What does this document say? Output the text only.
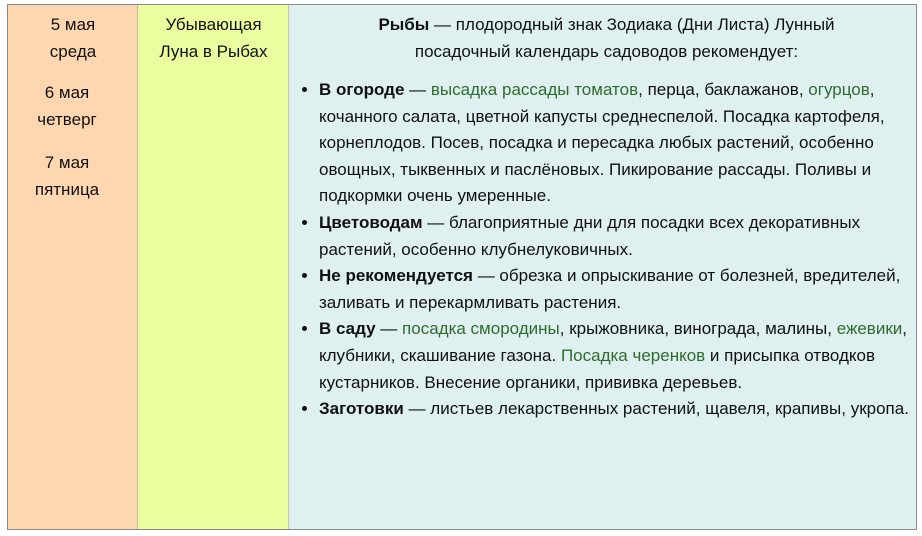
5 мая
среда
6 мая
четверг
7 мая
пятница
Убывающая
Луна в Рыбах
Рыбы — плодородный знак Зодиака (Дни Листа) Лунный
посадочный календарь садоводов рекомендует:
• В огороде — высадка рассады томатов, перца, баклажанов, огурцов, кочанного салата, цветной капусты среднеспелой. Посадка картофеля, корнеплодов. Посев, посадка и пересадка любых растений, особенно овощных, тыквенных и паслёновых. Пикирование рассады. Поливы и подкормки очень умеренные.
• Цветоводам — благоприятные дни для посадки всех декоративных растений, особенно клубнелуковичных.
• Не рекомендуется — обрезка и опрыскивание от болезней, вредителей, заливать и перекармливать растения.
• В саду — посадка смородины, крыжовника, винограда, малины, ежевики, клубники, скашивание газона. Посадка черенков и присыпка отводков кустарников. Внесение органики, прививка деревьев.
• Заготовки — листьев лекарственных растений, щавеля, крапивы, укропа.
